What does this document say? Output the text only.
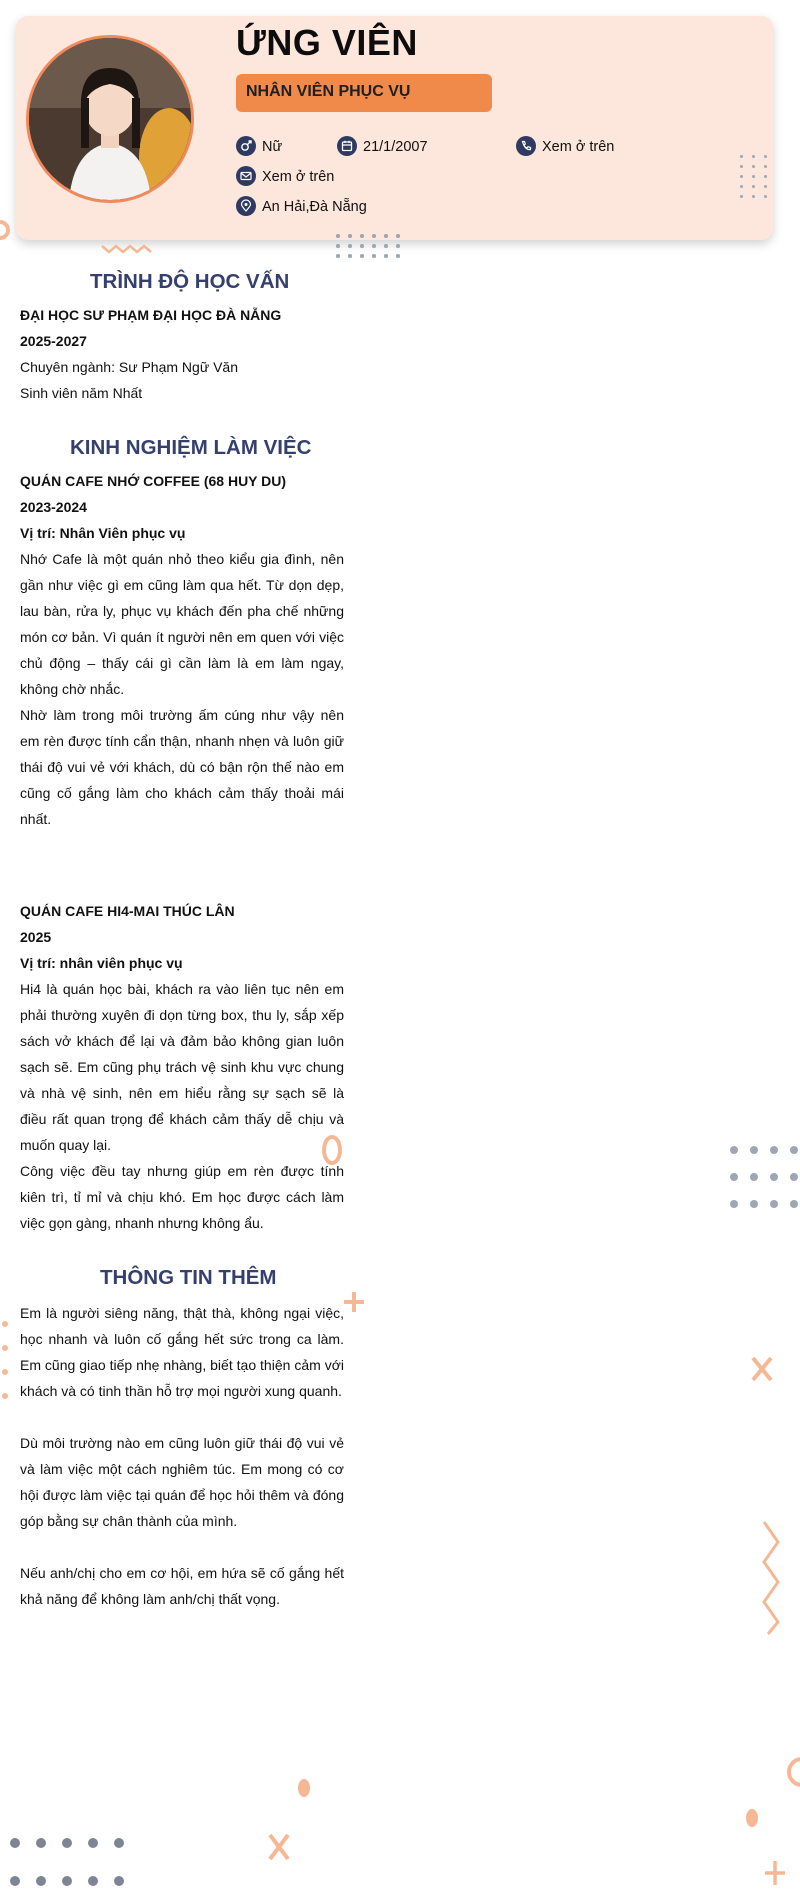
ỨNG VIÊN
NHÂN VIÊN PHỤC VỤ
Nữ	21/1/2007	Xem ở trên
Xem ở trên
An Hải,Đà Nẵng
TRÌNH ĐỘ HỌC VẤN

ĐẠI HỌC SƯ PHẠM ĐẠI HỌC ĐÀ NẴNG

2025-2027

Chuyên ngành: Sư Phạm Ngữ Văn

Sinh viên năm Nhất

KINH NGHIỆM LÀM VIỆC

QUÁN CAFE NHỚ COFFEE (68 HUY DU)

2023-2024

Vị trí: Nhân Viên phục vụ

Nhớ Cafe là một quán nhỏ theo kiểu gia đình, nên gần như việc gì em cũng làm qua hết. Từ dọn dẹp, lau bàn, rửa ly, phục vụ khách đến pha chế những món cơ bản. Vì quán ít người nên em quen với việc chủ động – thấy cái gì cần làm là em làm ngay, không chờ nhắc.

Nhờ làm trong môi trường ấm cúng như vậy nên em rèn được tính cẩn thận, nhanh nhẹn và luôn giữ thái độ vui vẻ với khách, dù có bận rộn thế nào em cũng cố gắng làm cho khách cảm thấy thoải mái nhất.

QUÁN CAFE HI4-MAI THÚC LÂN

2025

Vị trí: nhân viên phục vụ

Hi4 là quán học bài, khách ra vào liên tục nên em phải thường xuyên đi dọn từng box, thu ly, sắp xếp sách vở khách để lại và đảm bảo không gian luôn sạch sẽ. Em cũng phụ trách vệ sinh khu vực chung và nhà vệ sinh, nên em hiểu rằng sự sạch sẽ là điều rất quan trọng để khách cảm thấy dễ chịu và muốn quay lại.

Công việc đều tay nhưng giúp em rèn được tính kiên trì, tỉ mỉ và chịu khó. Em học được cách làm việc gọn gàng, nhanh nhưng không ẩu.

THÔNG TIN THÊM

Em là người siêng năng, thật thà, không ngại việc, học nhanh và luôn cố gắng hết sức trong ca làm. Em cũng giao tiếp nhẹ nhàng, biết tạo thiện cảm với khách và có tinh thần hỗ trợ mọi người xung quanh.

Dù môi trường nào em cũng luôn giữ thái độ vui vẻ và làm việc một cách nghiêm túc. Em mong có cơ hội được làm việc tại quán để học hỏi thêm và đóng góp bằng sự chân thành của mình.

Nếu anh/chị cho em cơ hội, em hứa sẽ cố gắng hết khả năng để không làm anh/chị thất vọng.
